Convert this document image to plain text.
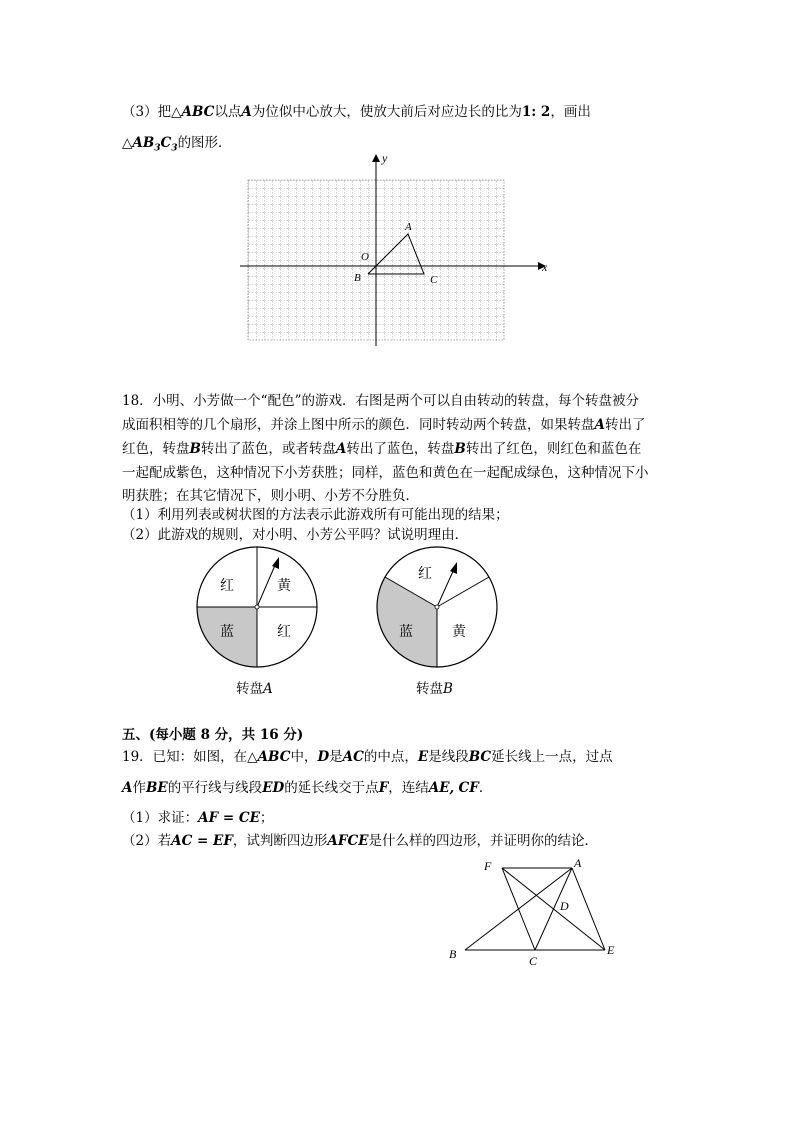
（3）把△ABC以点A为位似中心放大，使放大前后对应边长的比为1: 2，画出
$\triangle AB_3C_3$的图形．
x
y
O
A
B	C
18．小明、小芳做一个“配色”的游戏．右图是两个可以自由转动的转盘，每个转盘被分
成面积相等的几个扇形，并涂上图中所示的颜色．同时转动两个转盘，如果转盘A转出了
红色，转盘B转出了蓝色，或者转盘A转出了蓝色，转盘B转出了红色，则红色和蓝色在
一起配成紫色，这种情况下小芳获胜；同样，蓝色和黄色在一起配成绿色，这种情况下小
明获胜；在其它情况下，则小明、小芳不分胜负．
（1）利用列表或树状图的方法表示此游戏所有可能出现的结果；
（2）此游戏的规则，对小明、小芳公平吗？试说明理由．
红	黄
蓝	红
红
蓝	黄
转盘A	转盘B
五、(每小题 8 分，共 16 分)
19．已知：如图，在△ABC中，D是AC的中点，E是线段BC延长线上一点，过点
A作BE的平行线与线段ED的延长线交于点F，连结AE, CF．
（1）求证：AF = CE；
（2）若AC = EF，试判断四边形AFCE是什么样的四边形，并证明你的结论．
F	A
D
B	C
E
